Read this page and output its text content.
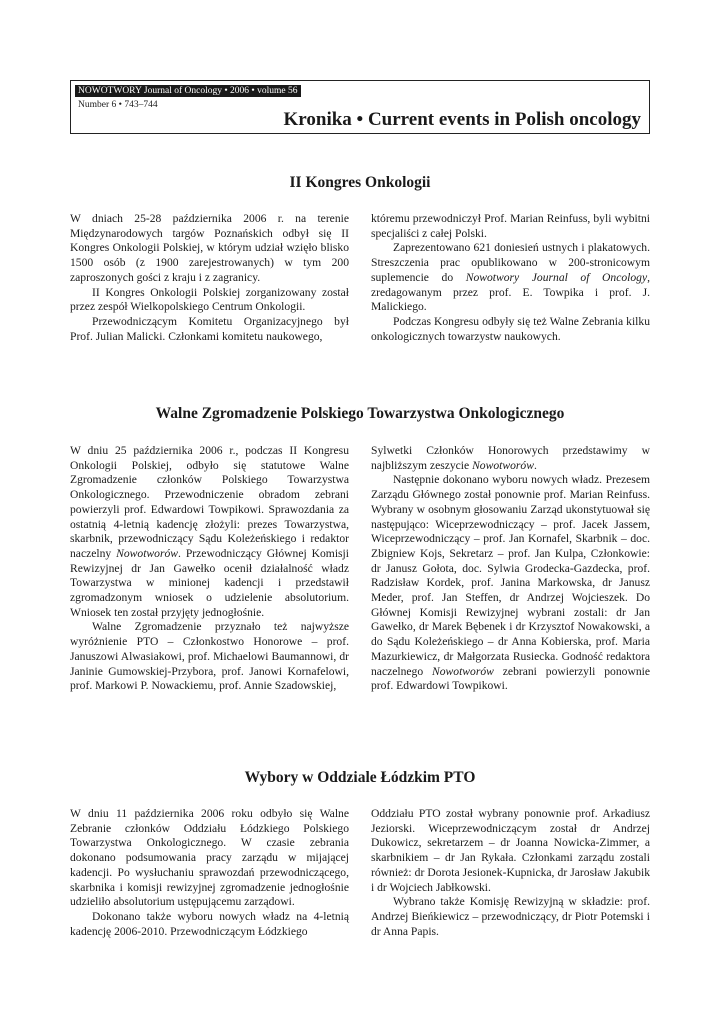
NOWOTWORY Journal of Oncology • 2006 • volume 56
Number 6 • 743–744
Kronika • Current events in Polish oncology
II Kongres Onkologii

W dniach 25-28 października 2006 r. na terenie Międzynarodowych targów Poznańskich odbył się II Kongres Onkologii Polskiej, w którym udział wzięło blisko 1500 osób (z 1900 zarejestrowanych) w tym 200 zaproszonych gości z kraju i z zagranicy.

II Kongres Onkologii Polskiej zorganizowany został przez zespół Wielkopolskiego Centrum Onkologii.

Przewodniczącym Komitetu Organizacyjnego był Prof. Julian Malicki. Członkami komitetu naukowego,

któremu przewodniczył Prof. Marian Reinfuss, byli wybitni specjaliści z całej Polski.

Zaprezentowano 621 doniesień ustnych i plakatowych. Streszczenia prac opublikowano w 200-stronicowym suplemencie do Nowotwory Journal of Oncology, zredagowanym przez prof. E. Towpika i prof. J. Malickiego.

Podczas Kongresu odbyły się też Walne Zebrania kilku onkologicznych towarzystw naukowych.

Walne Zgromadzenie Polskiego Towarzystwa Onkologicznego

W dniu 25 października 2006 r., podczas II Kongresu Onkologii Polskiej, odbyło się statutowe Walne Zgromadzenie członków Polskiego Towarzystwa Onkologicznego. Przewodniczenie obradom zebrani powierzyli prof. Edwardowi Towpikowi. Sprawozdania za ostatnią 4-letnią kadencję złożyli: prezes Towarzystwa, skarbnik, przewodniczący Sądu Koleżeńskiego i redaktor naczelny Nowotworów. Przewodniczący Głównej Komisji Rewizyjnej dr Jan Gawełko ocenił działalność władz Towarzystwa w minionej kadencji i przedstawił zgromadzonym wniosek o udzielenie absolutorium. Wniosek ten został przyjęty jednogłośnie.

Walne Zgromadzenie przyznało też najwyższe wyróżnienie PTO – Członkostwo Honorowe – prof. Januszowi Alwasiakowi, prof. Michaelowi Baumannowi, dr Janinie Gumowskiej-Przybora, prof. Janowi Kornafelowi, prof. Markowi P. Nowackiemu, prof. Annie Szadowskiej,

Sylwetki Członków Honorowych przedstawimy w najbliższym zeszycie Nowotworów.

Następnie dokonano wyboru nowych władz. Prezesem Zarządu Głównego został ponownie prof. Marian Reinfuss. Wybrany w osobnym głosowaniu Zarząd ukonstytuował się następująco: Wiceprzewodniczący – prof. Jacek Jassem, Wiceprzewodniczący – prof. Jan Kornafel, Skarbnik – doc. Zbigniew Kojs, Sekretarz – prof. Jan Kulpa, Członkowie: dr Janusz Gołota, doc. Sylwia Grodecka-Gazdecka, prof. Radzisław Kordek, prof. Janina Markowska, dr Janusz Meder, prof. Jan Steffen, dr Andrzej Wojcieszek. Do Głównej Komisji Rewizyjnej wybrani zostali: dr Jan Gawełko, dr Marek Bębenek i dr Krzysztof Nowakowski, a do Sądu Koleżeńskiego – dr Anna Kobierska, prof. Maria Mazurkiewicz, dr Małgorzata Rusiecka. Godność redaktora naczelnego Nowotworów zebrani powierzyli ponownie prof. Edwardowi Towpikowi.

Wybory w Oddziale Łódzkim PTO

W dniu 11 października 2006 roku odbyło się Walne Zebranie członków Oddziału Łódzkiego Polskiego Towarzystwa Onkologicznego. W czasie zebrania dokonano podsumowania pracy zarządu w mijającej kadencji. Po wysłuchaniu sprawozdań przewodniczącego, skarbnika i komisji rewizyjnej zgromadzenie jednogłośnie udzieliło absolutorium ustępującemu zarządowi.

Dokonano także wyboru nowych władz na 4-letnią kadencję 2006-2010. Przewodniczącym Łódzkiego

Oddziału PTO został wybrany ponownie prof. Arkadiusz Jeziorski. Wiceprzewodniczącym został dr Andrzej Dukowicz, sekretarzem – dr Joanna Nowicka-Zimmer, a skarbnikiem – dr Jan Rykała. Członkami zarządu zostali również: dr Dorota Jesionek-Kupnicka, dr Jarosław Jakubik i dr Wojciech Jabłkowski.

Wybrano także Komisję Rewizyjną w składzie: prof. Andrzej Bieńkiewicz – przewodniczący, dr Piotr Potemski i dr Anna Papis.
